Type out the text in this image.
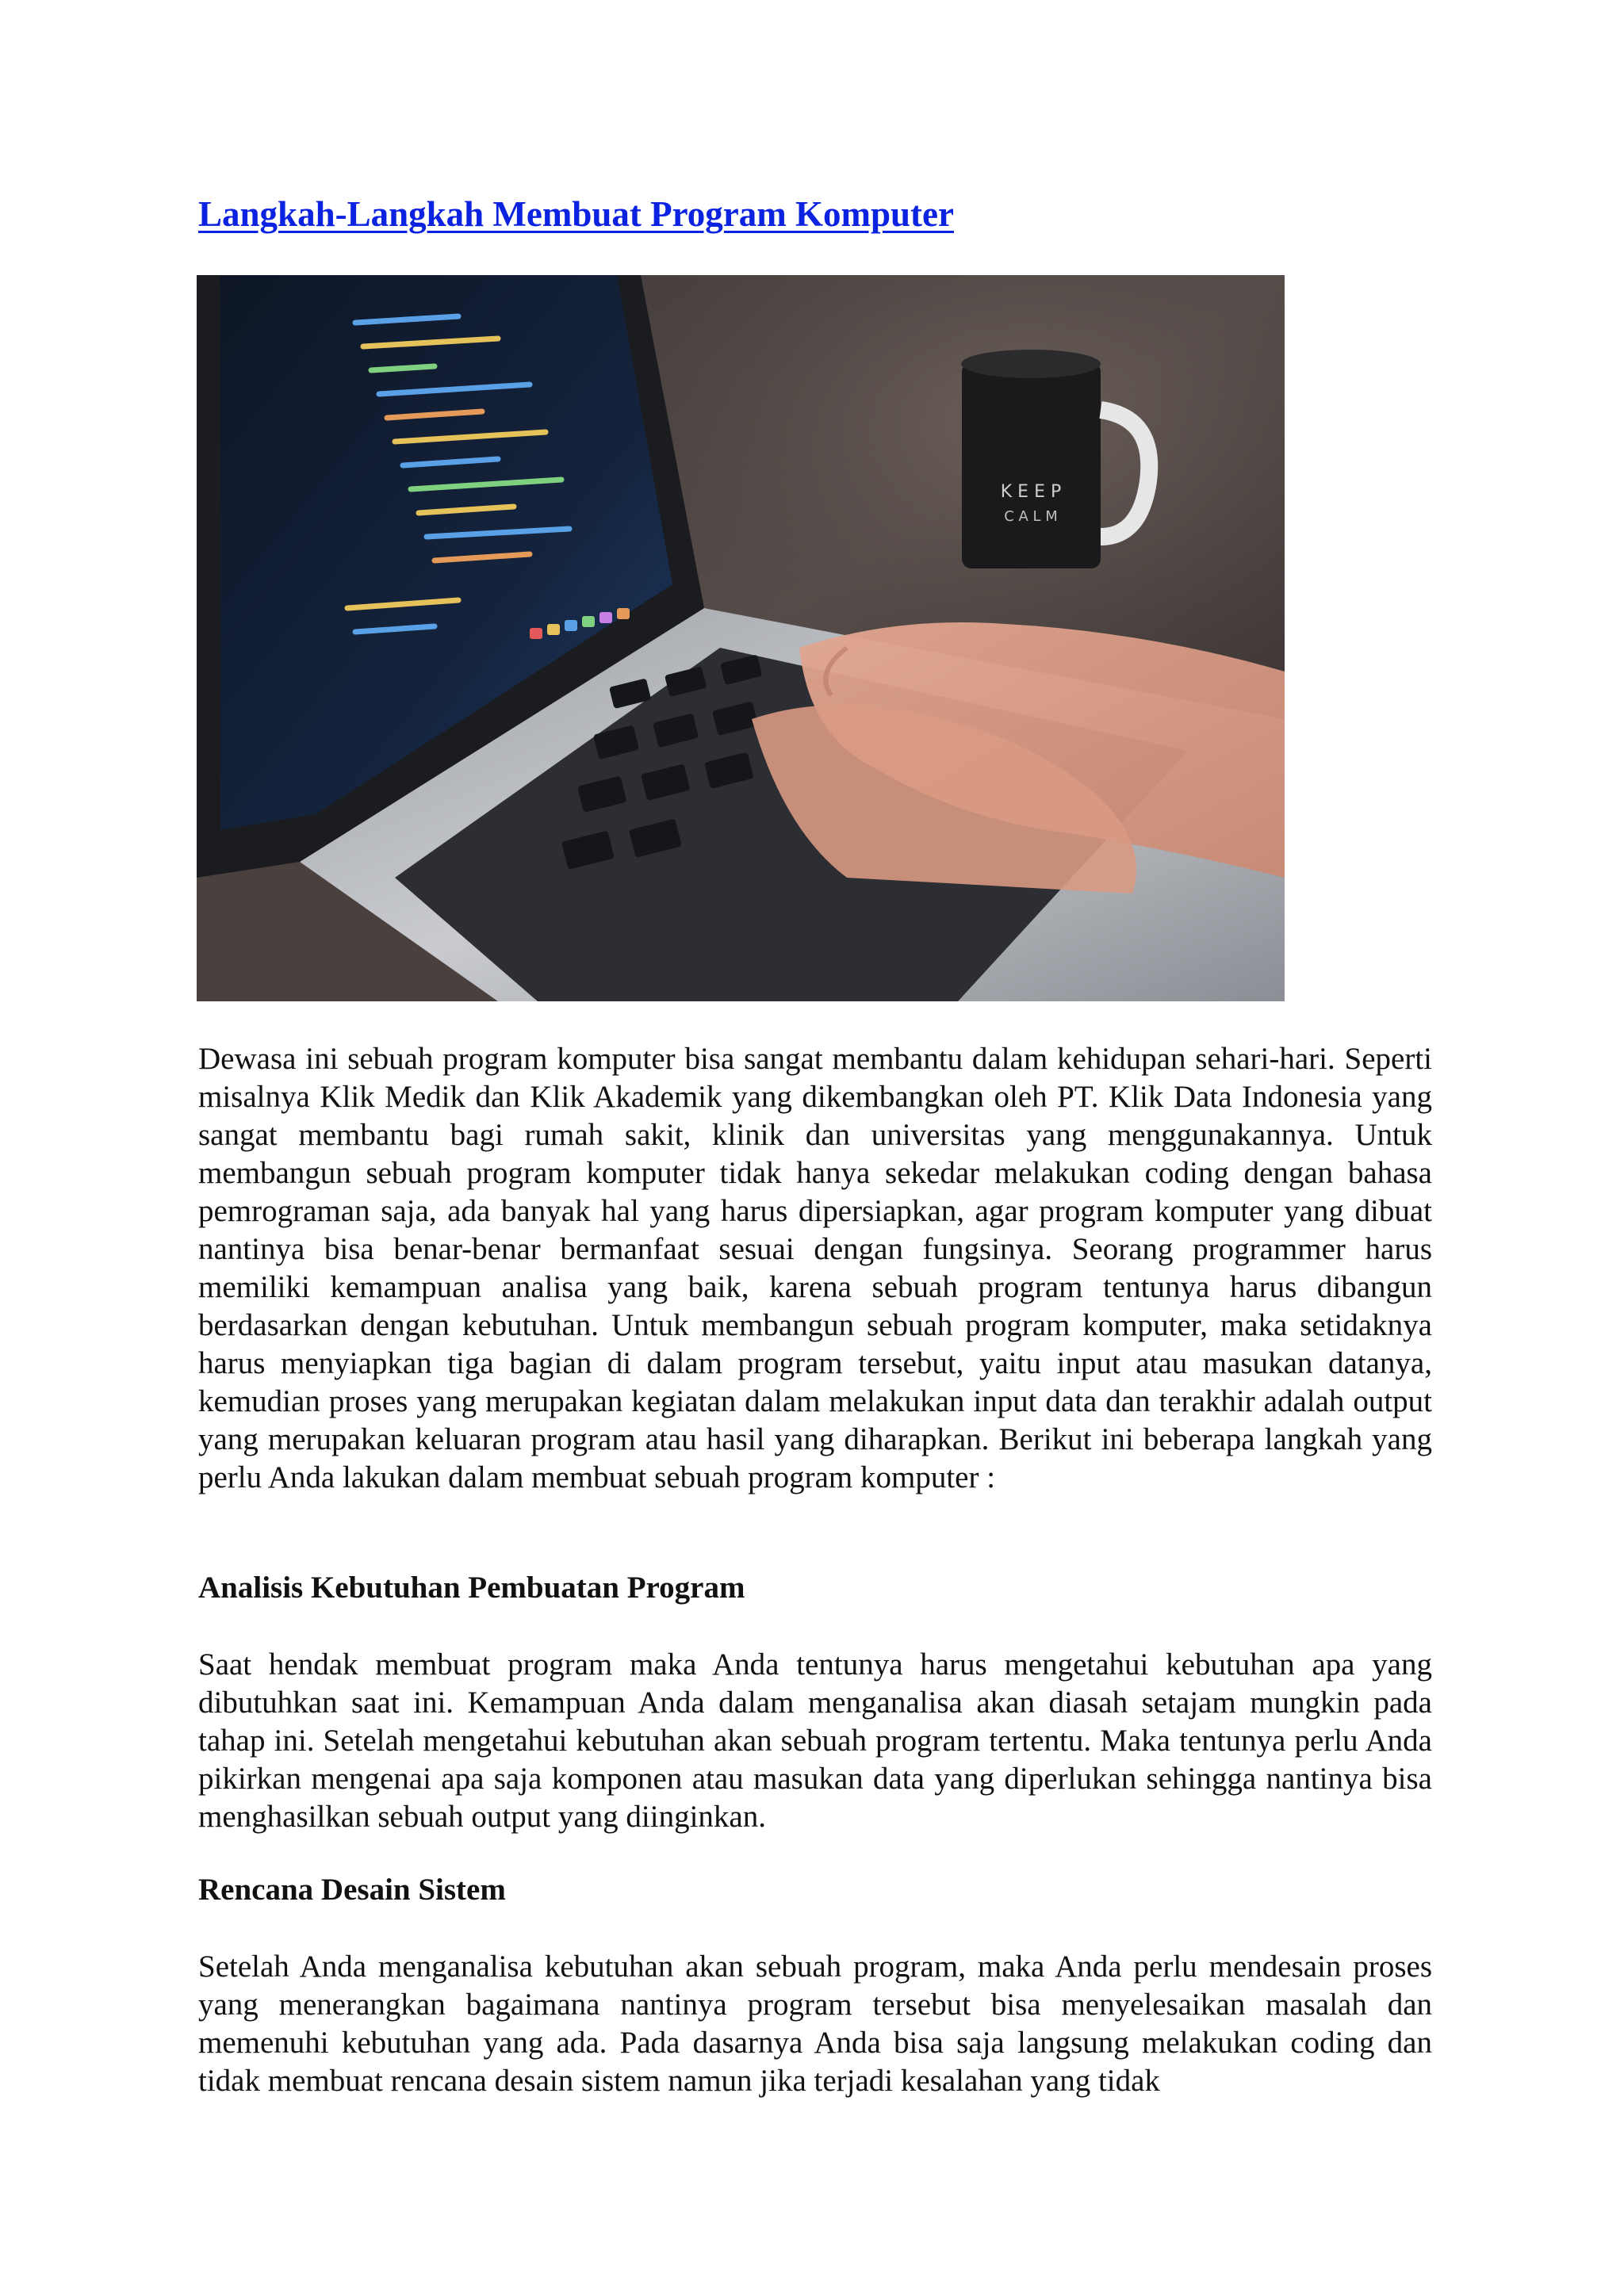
Langkah-Langkah Membuat Program Komputer
K E E P
C A L M
Dewasa ini sebuah program komputer bisa sangat membantu dalam kehidupan sehari-hari. Seperti misalnya Klik Medik dan Klik Akademik yang dikembangkan oleh PT. Klik Data Indonesia yang sangat membantu bagi rumah sakit, klinik dan universitas yang menggunakannya. Untuk membangun sebuah program komputer tidak hanya sekedar melakukan coding dengan bahasa pemrograman saja, ada banyak hal yang harus dipersiapkan, agar program komputer yang dibuat nantinya bisa benar-benar bermanfaat sesuai dengan fungsinya. Seorang programmer harus memiliki kemampuan analisa yang baik, karena sebuah program tentunya harus dibangun berdasarkan dengan kebutuhan. Untuk membangun sebuah program komputer, maka setidaknya harus menyiapkan tiga bagian di dalam program tersebut, yaitu input atau masukan datanya, kemudian proses yang merupakan kegiatan dalam melakukan input data dan terakhir adalah output yang merupakan keluaran program atau hasil yang diharapkan. Berikut ini beberapa langkah yang perlu Anda lakukan dalam membuat sebuah program komputer :
Analisis Kebutuhan Pembuatan Program
Saat hendak membuat program maka Anda tentunya harus mengetahui kebutuhan apa yang dibutuhkan saat ini. Kemampuan Anda dalam menganalisa akan diasah setajam mungkin pada tahap ini. Setelah mengetahui kebutuhan akan sebuah program tertentu. Maka tentunya perlu Anda pikirkan mengenai apa saja komponen atau masukan data yang diperlukan sehingga nantinya bisa menghasilkan sebuah output yang diinginkan.
Rencana Desain Sistem
Setelah Anda menganalisa kebutuhan akan sebuah program, maka Anda perlu mendesain proses yang menerangkan bagaimana nantinya program tersebut bisa menyelesaikan masalah dan memenuhi kebutuhan yang ada. Pada dasarnya Anda bisa saja langsung melakukan coding dan tidak membuat rencana desain sistem namun jika terjadi kesalahan yang tidak
